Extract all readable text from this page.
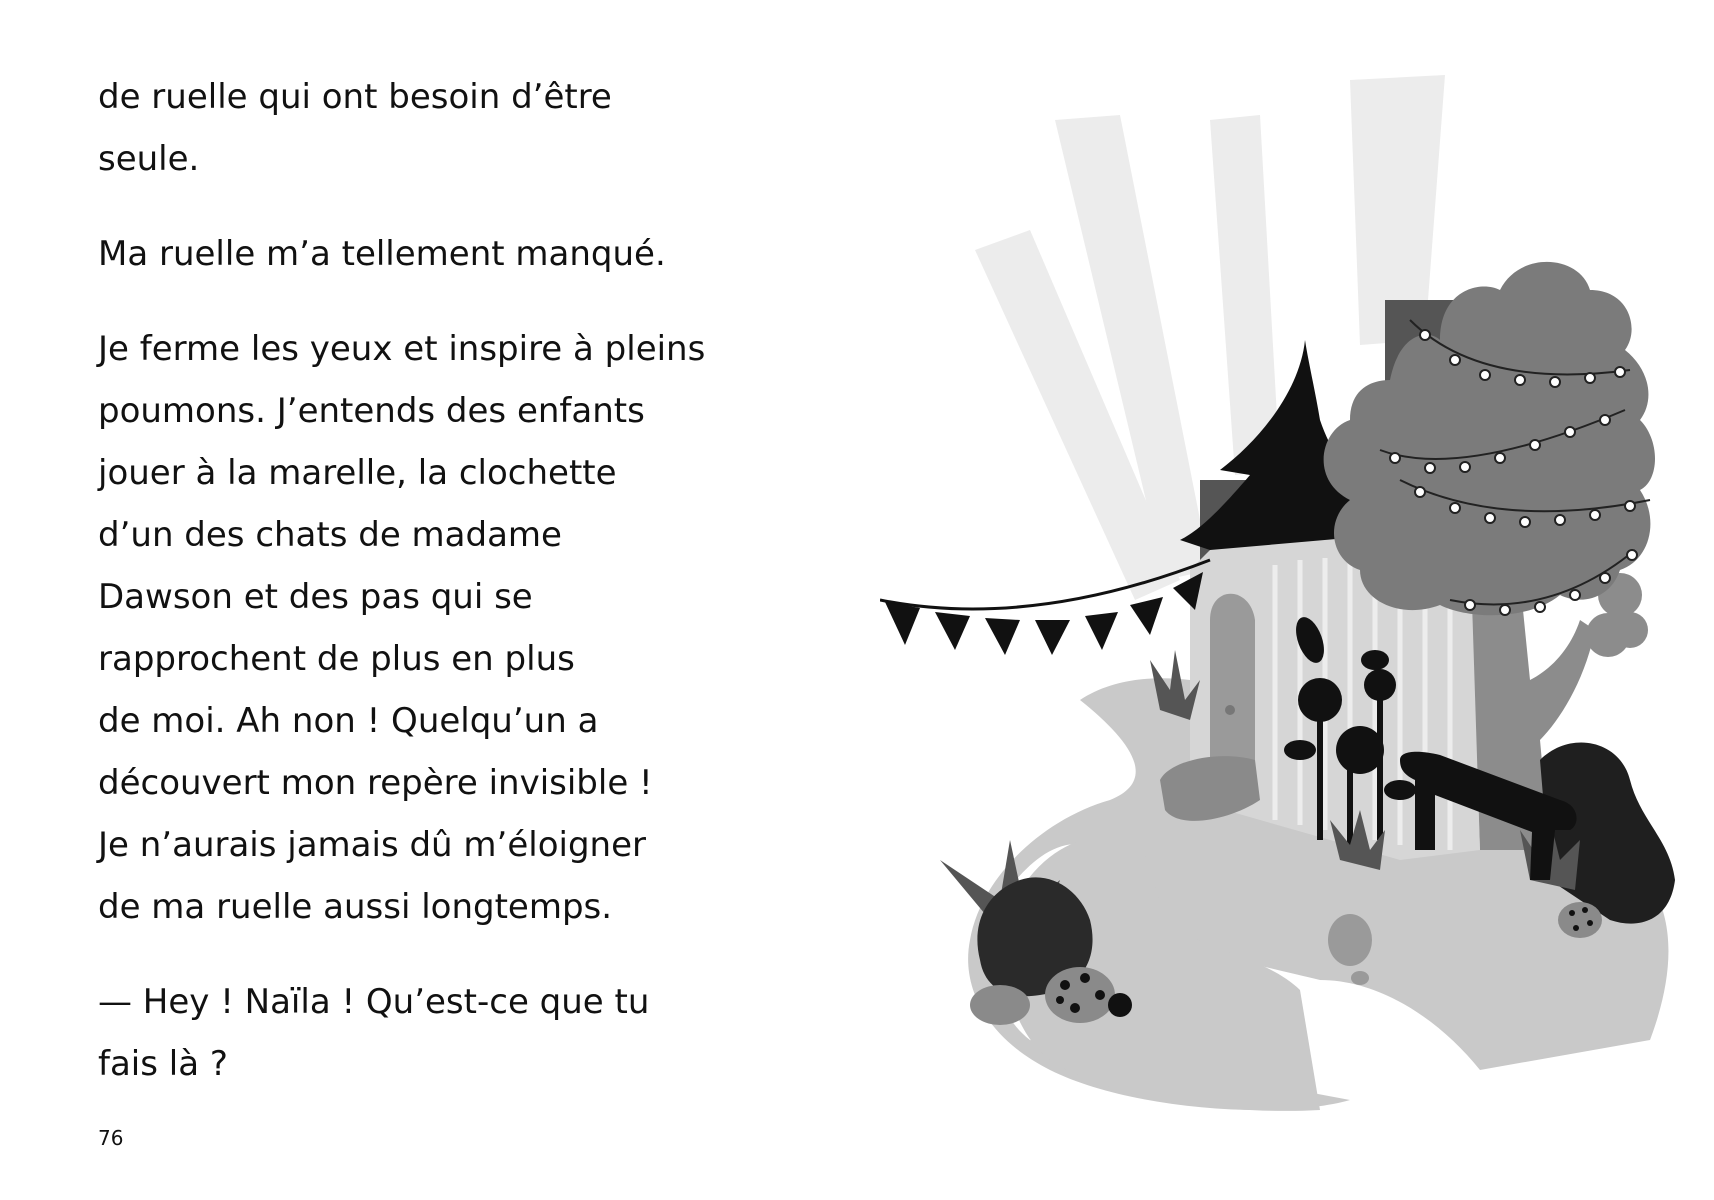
de ruelle qui ont besoin d’être
seule.

Ma ruelle m’a tellement manqué.

Je ferme les yeux et inspire à pleins
poumons. J’entends des enfants
jouer à la marelle, la clochette
d’un des chats de madame
Dawson et des pas qui se
rapprochent de plus en plus
de moi. Ah non ! Quelqu’un a
découvert mon repère invisible !
Je n’aurais jamais dû m’éloigner
de ma ruelle aussi longtemps.

— Hey ! Naïla ! Qu’est-ce que tu
fais là ?

76
